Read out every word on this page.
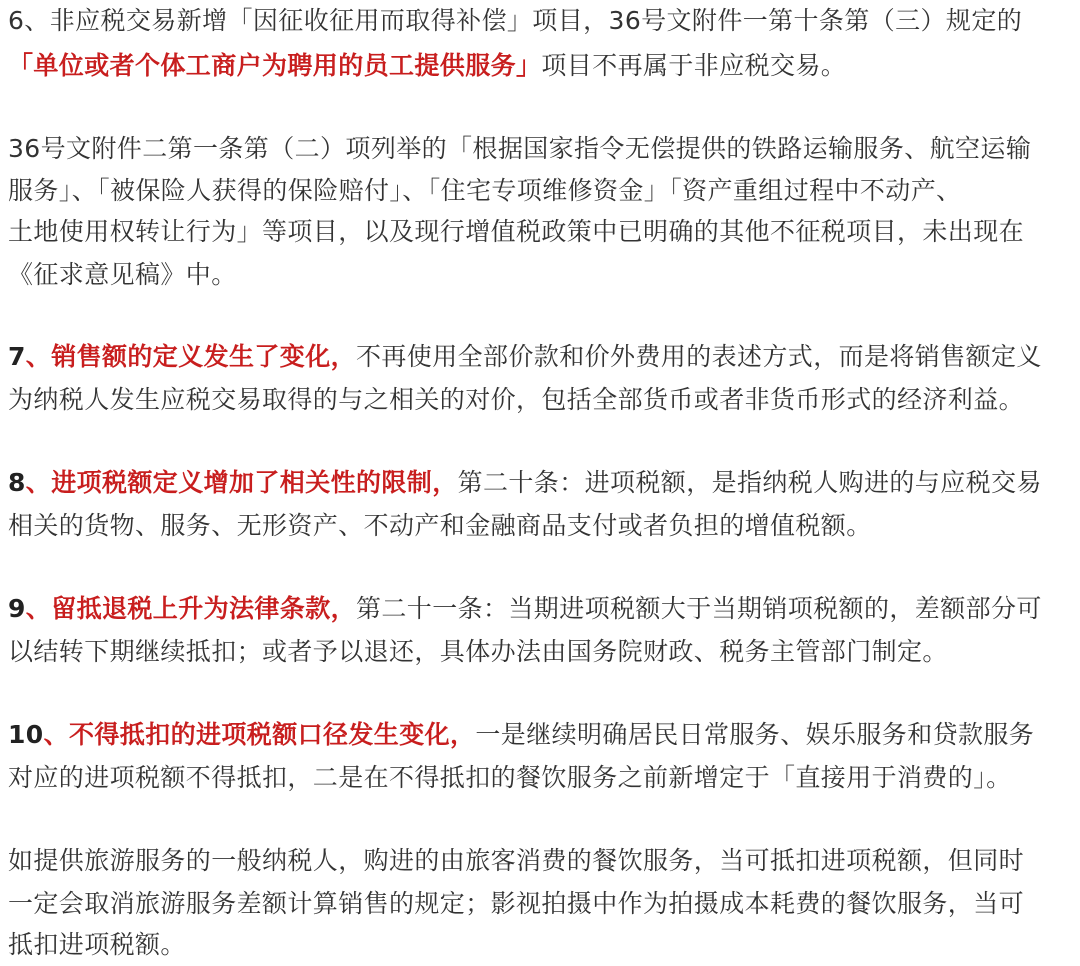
6、非应税交易新增「因征收征用而取得补偿」项目，36号文附件一第十条第（三）规定的
「单位或者个体工商户为聘用的员工提供服务」项目不再属于非应税交易。
36号文附件二第一条第（二）项列举的「根据国家指令无偿提供的铁路运输服务、航空运输
服务」、「被保险人获得的保险赔付」、「住宅专项维修资金」「资产重组过程中不动产、
土地使用权转让行为」等项目，以及现行增值税政策中已明确的其他不征税项目，未出现在
《征求意见稿》中。
7、销售额的定义发生了变化，不再使用全部价款和价外费用的表述方式，而是将销售额定义
为纳税人发生应税交易取得的与之相关的对价，包括全部货币或者非货币形式的经济利益。
8、进项税额定义增加了相关性的限制，第二十条：进项税额，是指纳税人购进的与应税交易
相关的货物、服务、无形资产、不动产和金融商品支付或者负担的增值税额。
9、留抵退税上升为法律条款，第二十一条：当期进项税额大于当期销项税额的，差额部分可
以结转下期继续抵扣；或者予以退还，具体办法由国务院财政、税务主管部门制定。
10、不得抵扣的进项税额口径发生变化，一是继续明确居民日常服务、娱乐服务和贷款服务
对应的进项税额不得抵扣，二是在不得抵扣的餐饮服务之前新增定于「直接用于消费的」。
如提供旅游服务的一般纳税人，购进的由旅客消费的餐饮服务，当可抵扣进项税额，但同时
一定会取消旅游服务差额计算销售的规定；影视拍摄中作为拍摄成本耗费的餐饮服务，当可
抵扣进项税额。
